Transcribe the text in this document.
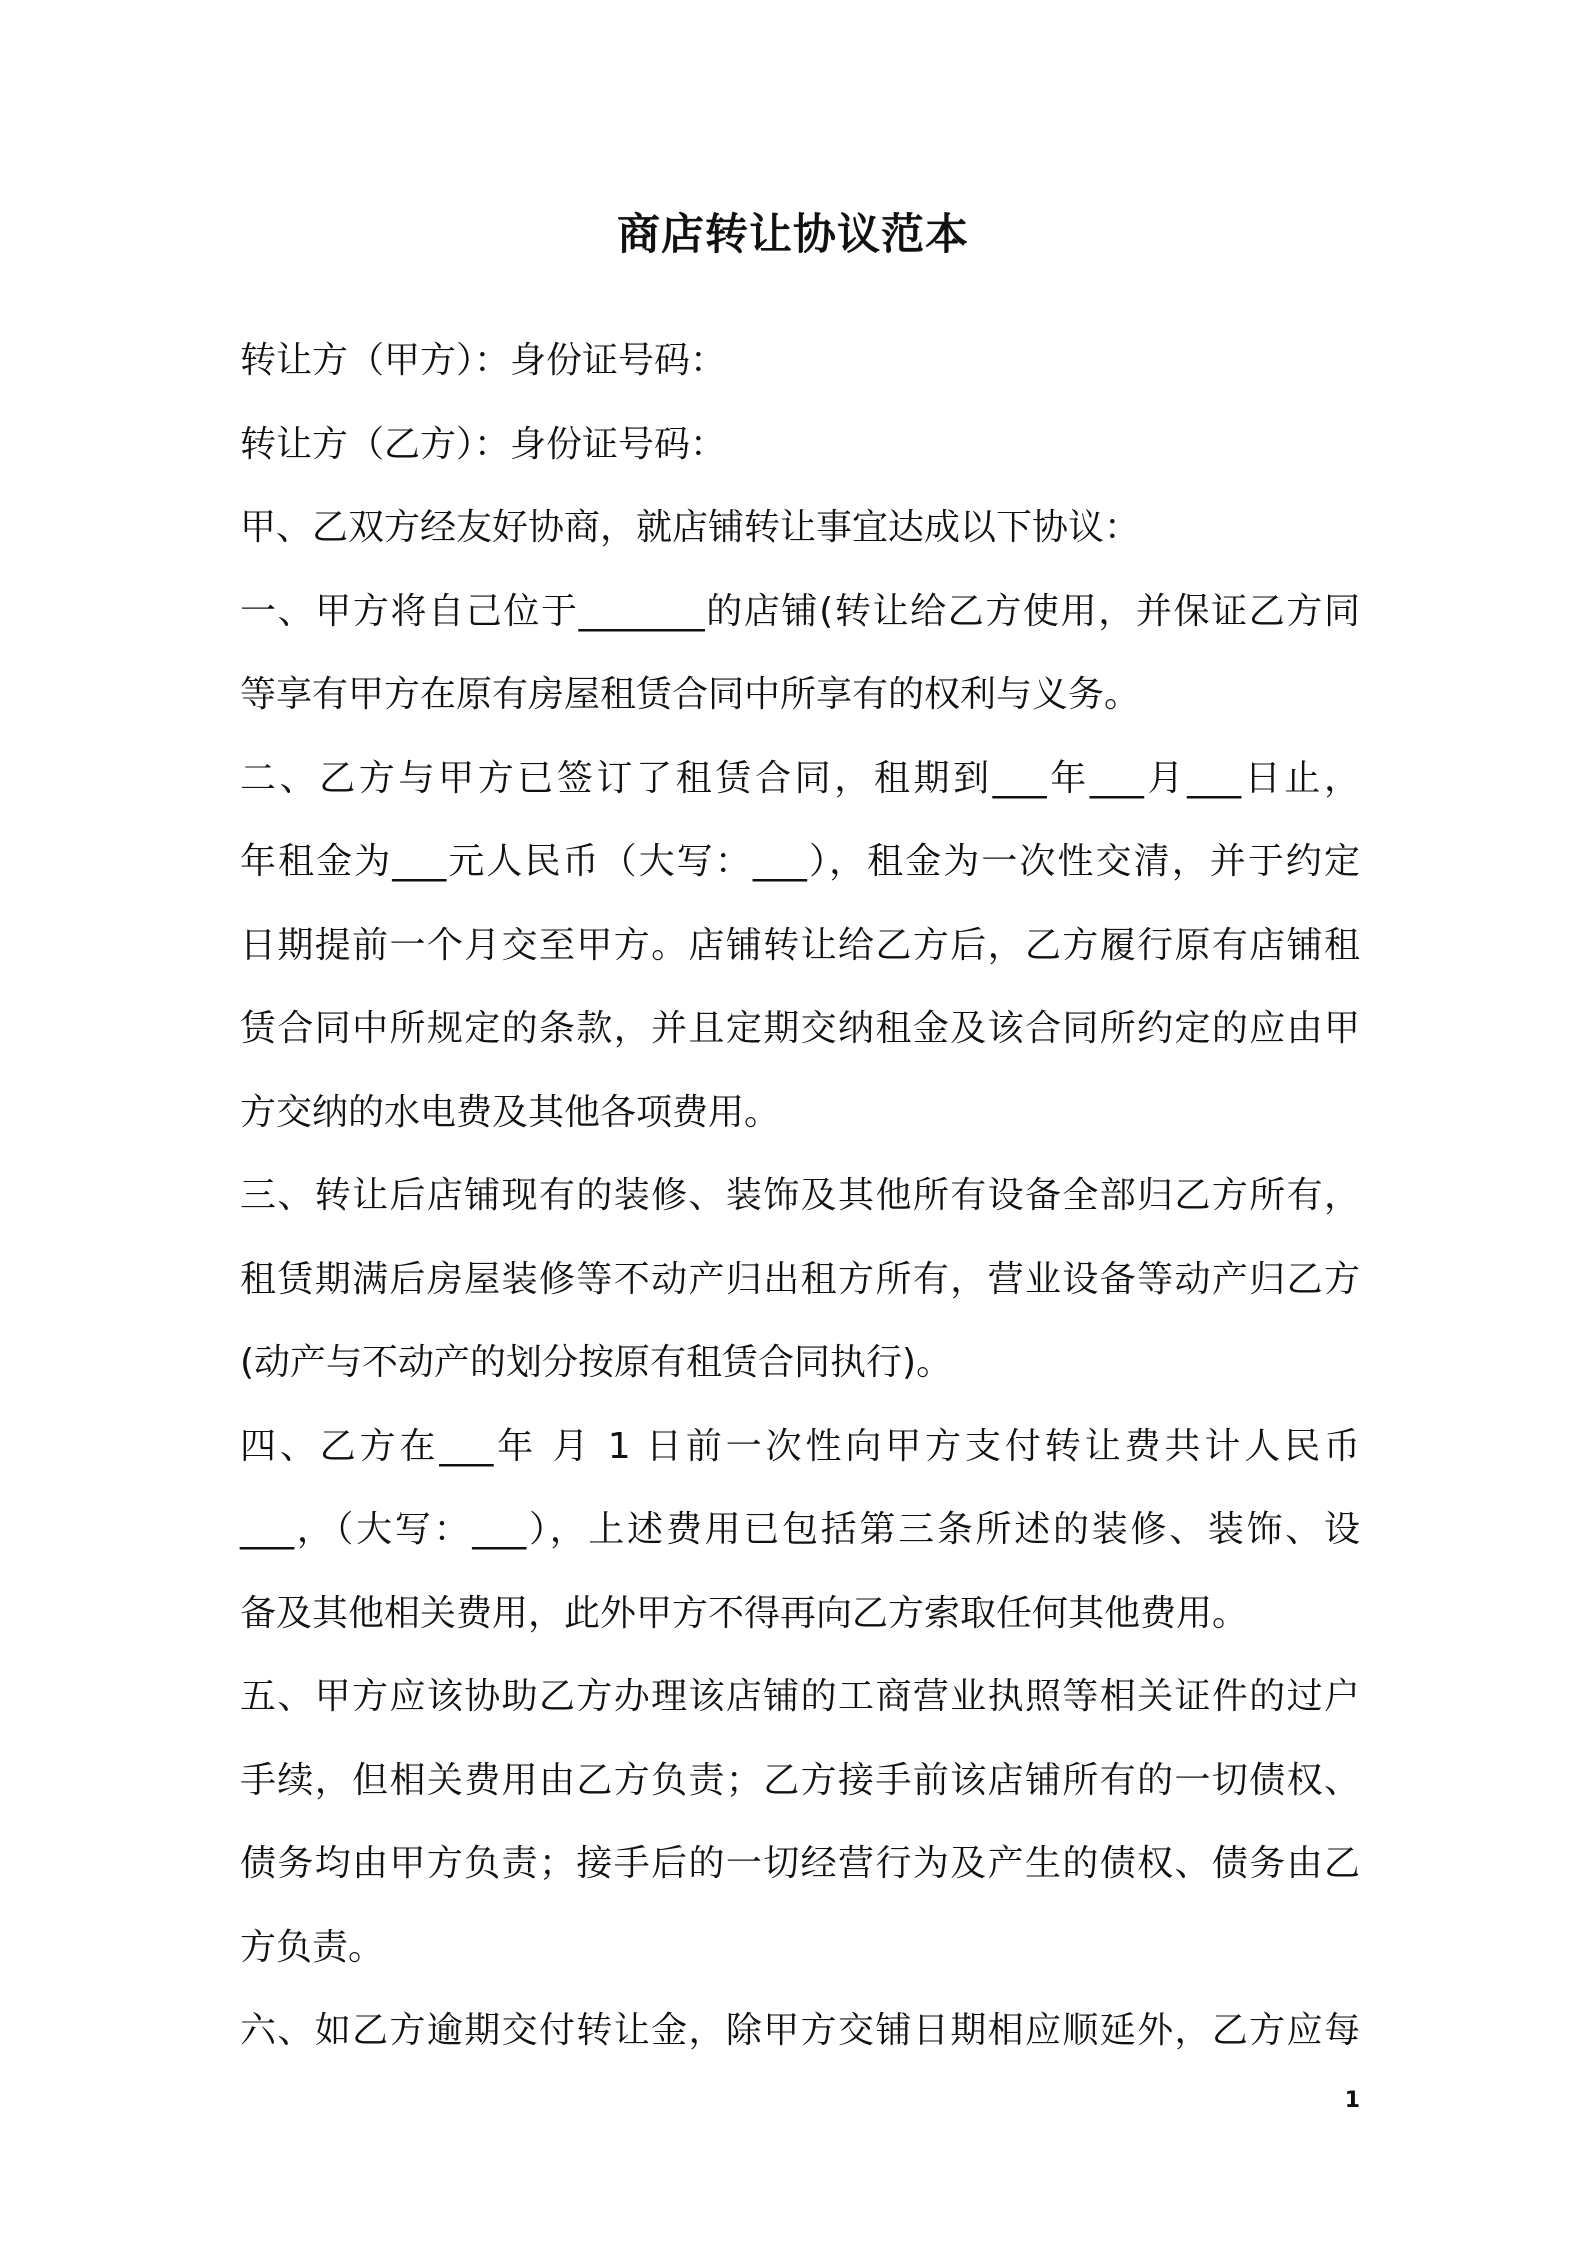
商店转让协议范本
转让方（甲方）：身份证号码：
转让方（乙方）：身份证号码：
甲、乙双方经友好协商，就店铺转让事宜达成以下协议：
一、甲方将自己位于_______的店铺(转让给乙方使用，并保证乙方同
等享有甲方在原有房屋租赁合同中所享有的权利与义务。
二、乙方与甲方已签订了租赁合同，租期到___年___月___日止，
年租金为___元人民币（大写：___），租金为一次性交清，并于约定
日期提前一个月交至甲方。店铺转让给乙方后，乙方履行原有店铺租
赁合同中所规定的条款，并且定期交纳租金及该合同所约定的应由甲
方交纳的水电费及其他各项费用。
三、转让后店铺现有的装修、装饰及其他所有设备全部归乙方所有，
租赁期满后房屋装修等不动产归出租方所有，营业设备等动产归乙方
(动产与不动产的划分按原有租赁合同执行)。
四、乙方在___年 月 1 日前一次性向甲方支付转让费共计人民币
___，（大写：___），上述费用已包括第三条所述的装修、装饰、设
备及其他相关费用，此外甲方不得再向乙方索取任何其他费用。
五、甲方应该协助乙方办理该店铺的工商营业执照等相关证件的过户
手续，但相关费用由乙方负责；乙方接手前该店铺所有的一切债权、
债务均由甲方负责；接手后的一切经营行为及产生的债权、债务由乙
方负责。
六、如乙方逾期交付转让金，除甲方交铺日期相应顺延外，乙方应每
1
